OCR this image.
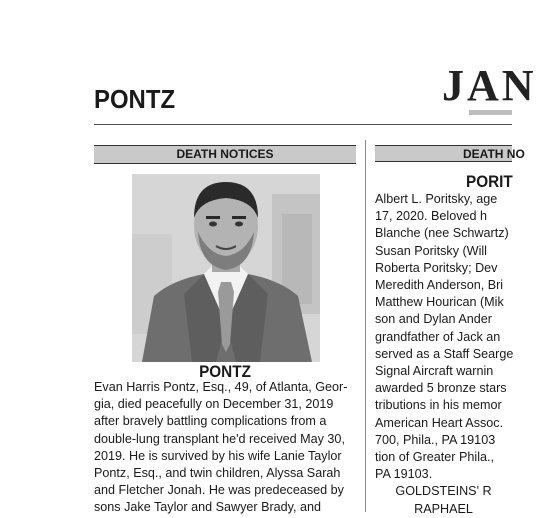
PONTZ	JAN
DEATH NOTICES	DEATH NO
PONTZ
Evan Harris Pontz, Esq., 49, of Atlanta, Geor-
gia, died peacefully on December 31, 2019
after bravely battling complications from a
double-lung transplant he'd received May 30,
2019. He is survived by his wife Lanie Taylor
Pontz, Esq., and twin children, Alyssa Sarah
and Fletcher Jonah. He was predeceased by
sons Jake Taylor and Sawyer Brady, and
PORIT
Albert L. Poritsky, age
17, 2020. Beloved h
Blanche (nee Schwartz)
Susan Poritsky (Will
Roberta Poritsky; Dev
Meredith Anderson, Bri
Matthew Hourican (Mik
son and Dylan Ander
grandfather of Jack an
served as a Staff Searge
Signal Aircraft warnin
awarded 5 bronze stars
tributions in his memor
American Heart Assoc.
700, Phila., PA 19103
tion of Greater Phila.,
PA 19103.
GOLDSTEINS' R
RAPHAEL
